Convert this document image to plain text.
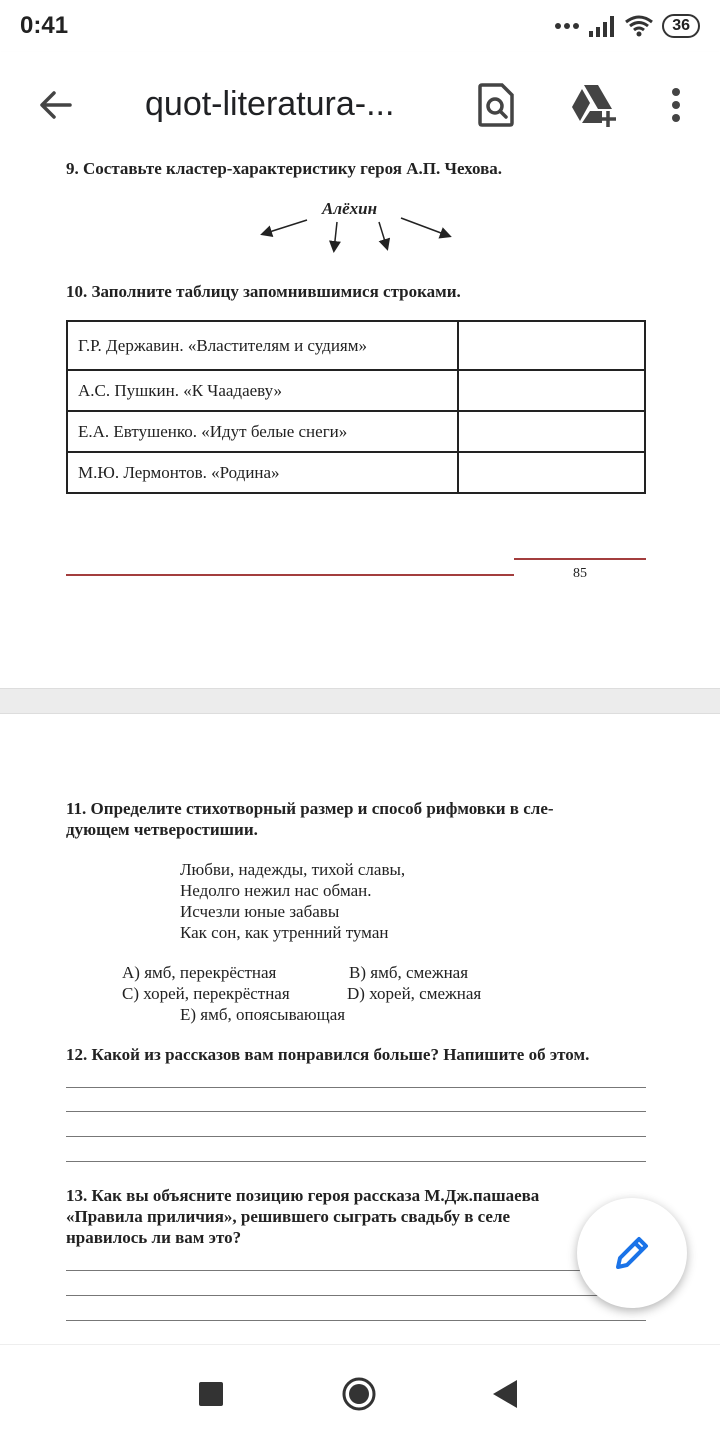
0:41	36
quot-literatura-...
9. Составьте кластер-характеристику героя А.П. Чехова.
Алёхин
10. Заполните таблицу запомнившимися строками.
Г.Р. Державин. «Властителям и судиям»	
А.С. Пушкин. «К Чаадаеву»	
Е.А. Евтушенко. «Идут белые снеги»	
М.Ю. Лермонтов. «Родина»	
85
11. Определите стихотворный размер и способ рифмовки в сле-
дующем четверостишии.
Любви, надежды, тихой славы,
Недолго нежил нас обман.
Исчезли юные забавы
Как сон, как утренний туман
A) ямб, перекрёстная	B) ямб, смежная
C) хорей, перекрёстная	D) хорей, смежная
E) ямб, опоясывающая
12. Какой из рассказов вам понравился больше? Напишите об этом.
13. Как вы объясните позицию героя рассказа М.Дж.пашаева
«Правила приличия», решившего сыграть свадьбу в селе
нравилось ли вам это?
